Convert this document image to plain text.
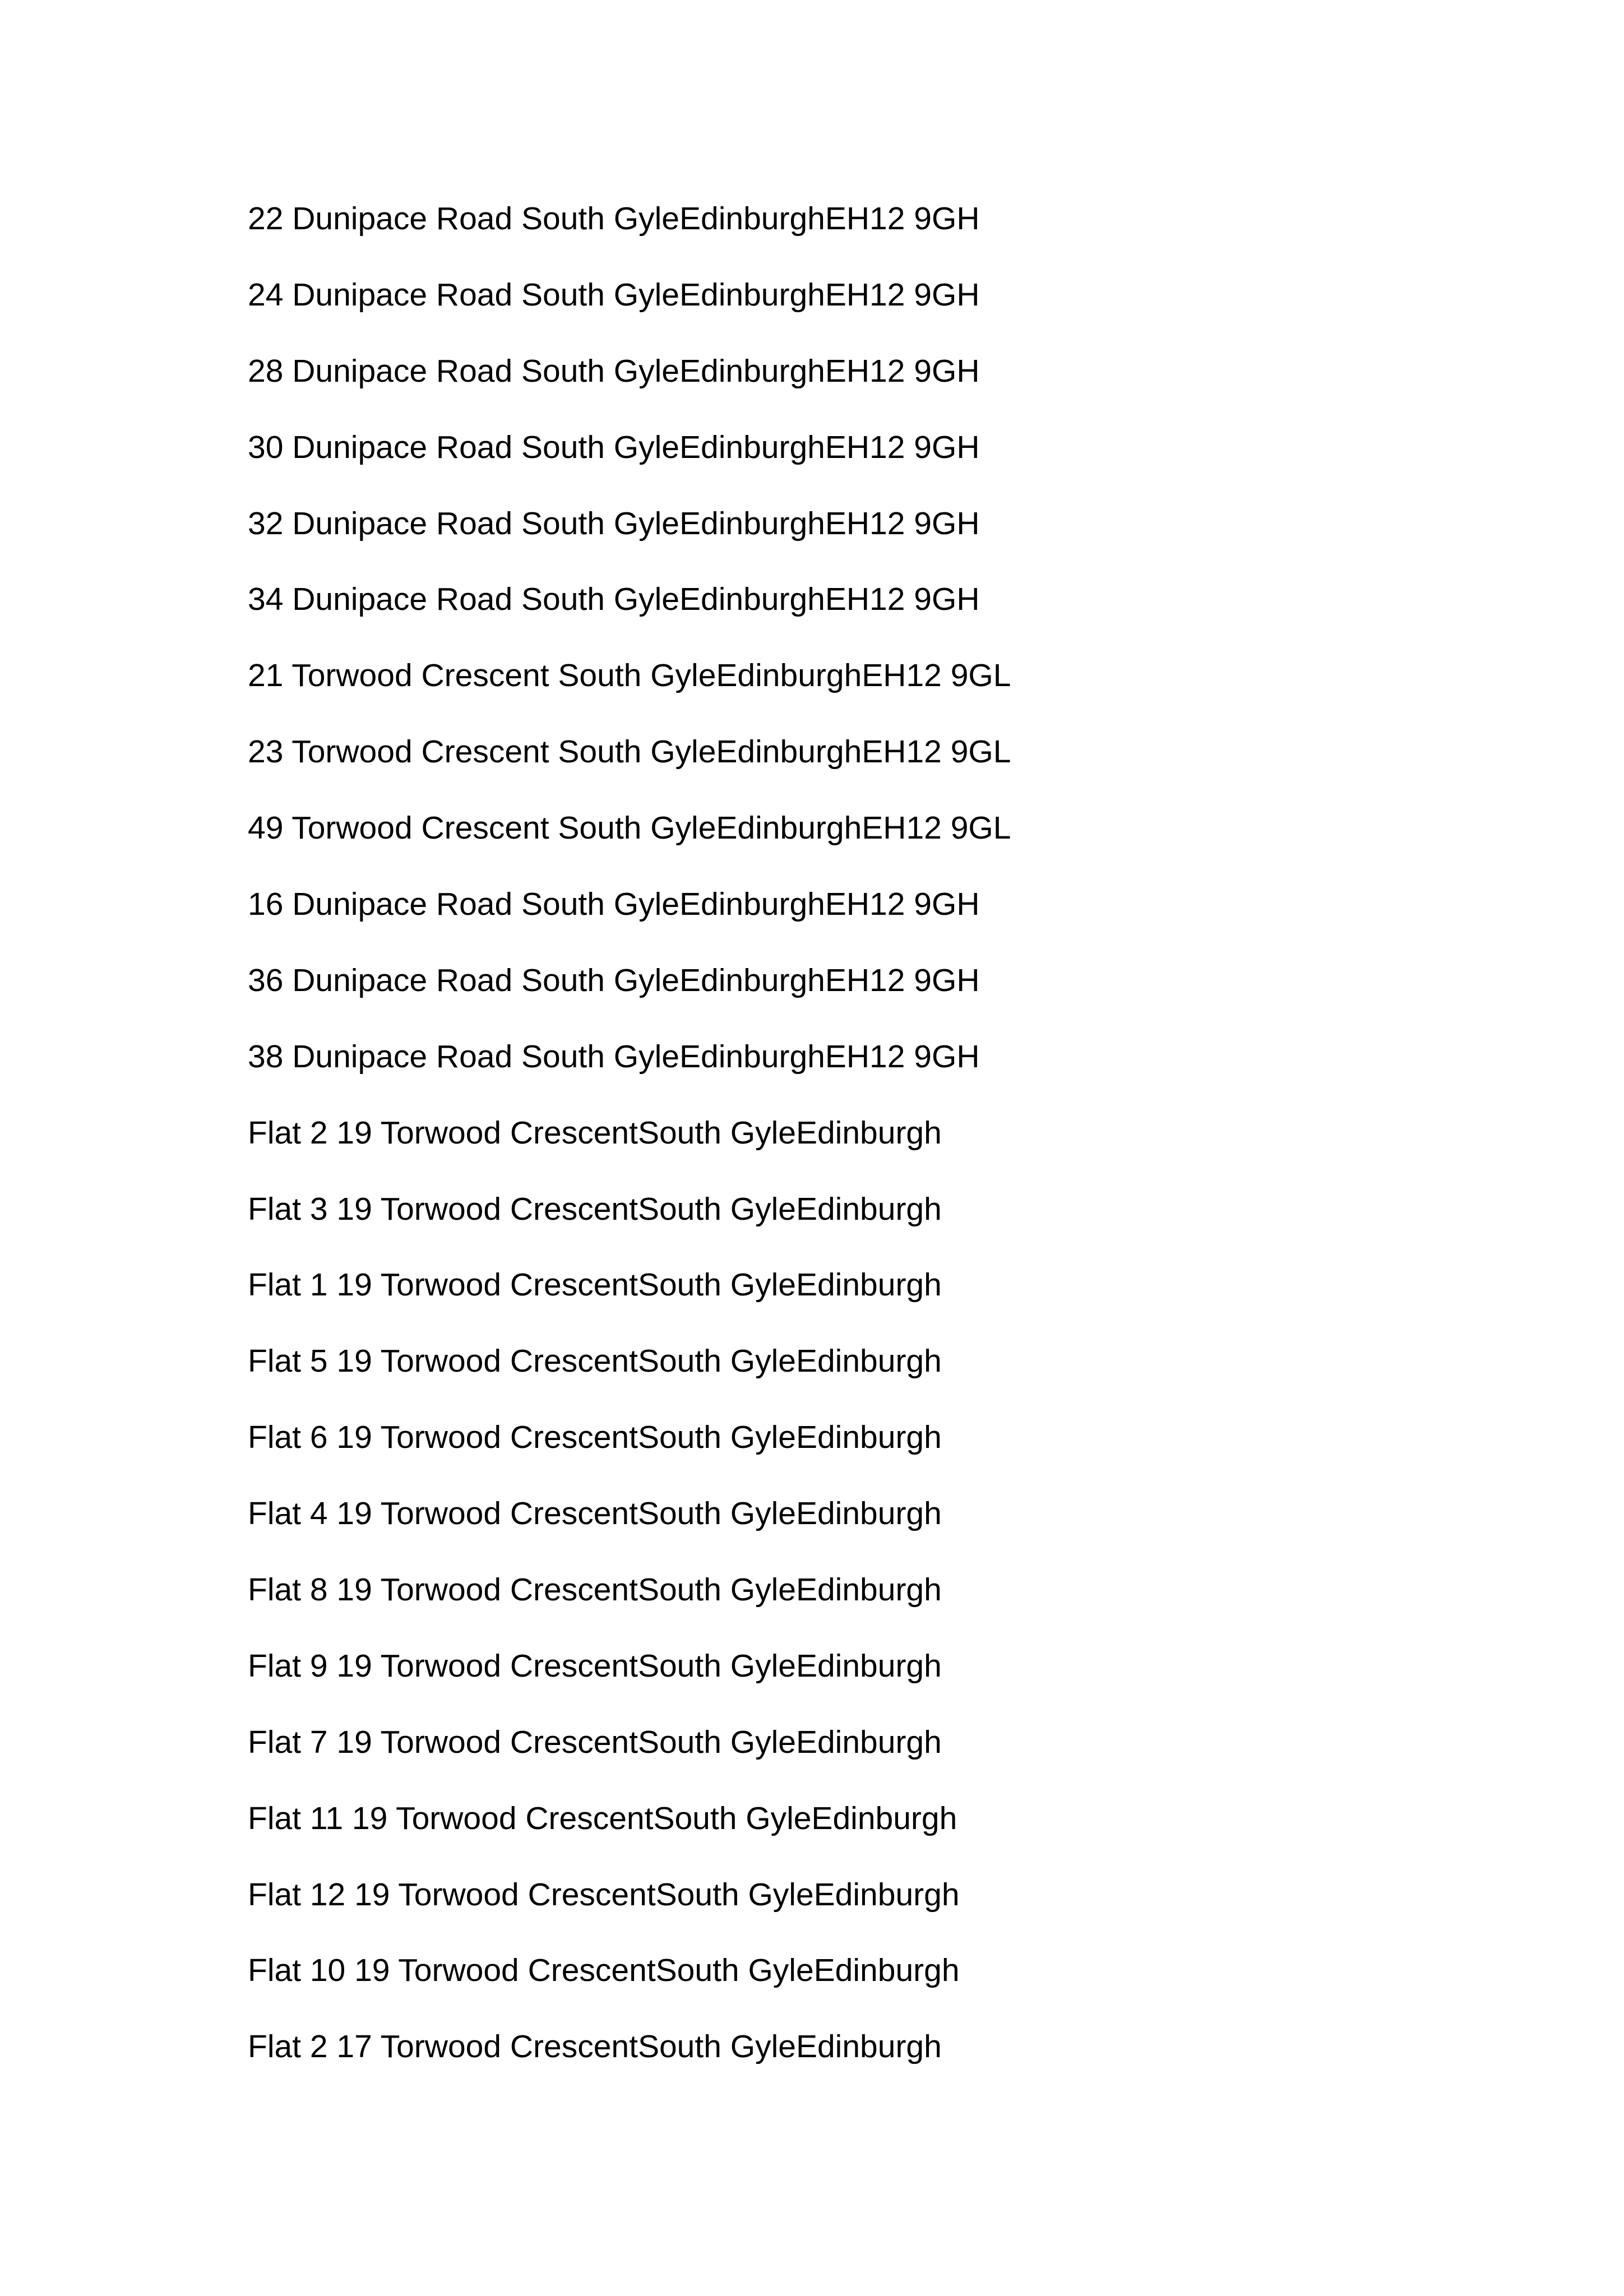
22 Dunipace Road South GyleEdinburghEH12 9GH
24 Dunipace Road South GyleEdinburghEH12 9GH
28 Dunipace Road South GyleEdinburghEH12 9GH
30 Dunipace Road South GyleEdinburghEH12 9GH
32 Dunipace Road South GyleEdinburghEH12 9GH
34 Dunipace Road South GyleEdinburghEH12 9GH
21 Torwood Crescent South GyleEdinburghEH12 9GL
23 Torwood Crescent South GyleEdinburghEH12 9GL
49 Torwood Crescent South GyleEdinburghEH12 9GL
16 Dunipace Road South GyleEdinburghEH12 9GH
36 Dunipace Road South GyleEdinburghEH12 9GH
38 Dunipace Road South GyleEdinburghEH12 9GH
Flat 2 19 Torwood CrescentSouth GyleEdinburgh
Flat 3 19 Torwood CrescentSouth GyleEdinburgh
Flat 1 19 Torwood CrescentSouth GyleEdinburgh
Flat 5 19 Torwood CrescentSouth GyleEdinburgh
Flat 6 19 Torwood CrescentSouth GyleEdinburgh
Flat 4 19 Torwood CrescentSouth GyleEdinburgh
Flat 8 19 Torwood CrescentSouth GyleEdinburgh
Flat 9 19 Torwood CrescentSouth GyleEdinburgh
Flat 7 19 Torwood CrescentSouth GyleEdinburgh
Flat 11 19 Torwood CrescentSouth GyleEdinburgh
Flat 12 19 Torwood CrescentSouth GyleEdinburgh
Flat 10 19 Torwood CrescentSouth GyleEdinburgh
Flat 2 17 Torwood CrescentSouth GyleEdinburgh
